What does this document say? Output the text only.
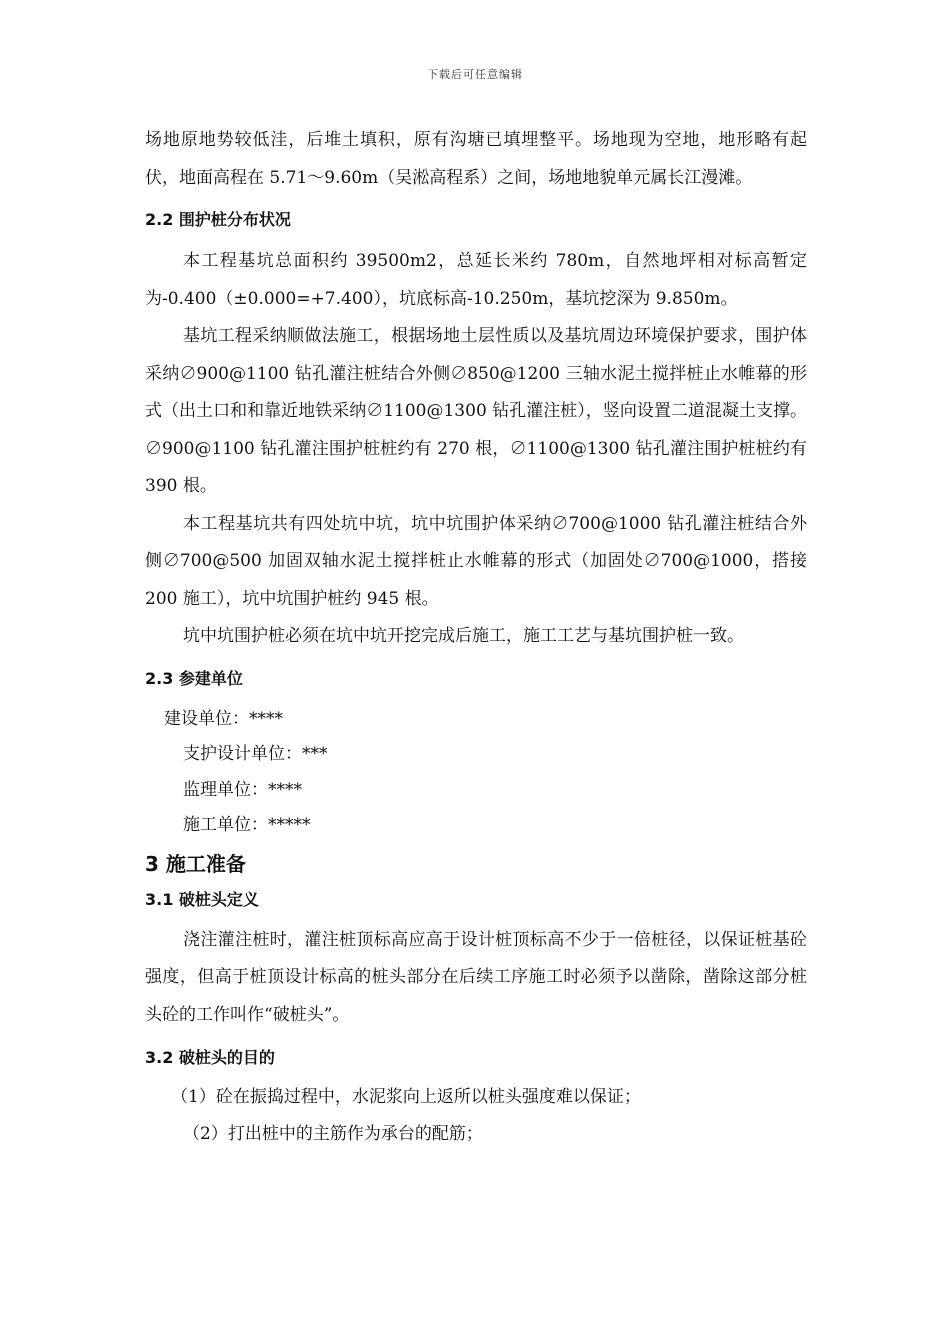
下载后可任意编辑

场地原地势较低洼，后堆土填积，原有沟塘已填埋整平。场地现为空地，地形略有起伏，地面高程在 5.71～9.60m（吴淞高程系）之间，场地地貌单元属长江漫滩。

2.2 围护桩分布状况

本工程基坑总面积约 39500m2，总延长米约 780m，自然地坪相对标高暂定为-0.400（±0.000=+7.400），坑底标高-10.250m，基坑挖深为 9.850m。

基坑工程采纳顺做法施工，根据场地土层性质以及基坑周边环境保护要求，围护体采纳∅900@1100 钻孔灌注桩结合外侧∅850@1200 三轴水泥土搅拌桩止水帷幕的形式（出土口和和靠近地铁采纳∅1100@1300 钻孔灌注桩），竖向设置二道混凝土支撑。∅900@1100 钻孔灌注围护桩桩约有 270 根，∅1100@1300 钻孔灌注围护桩桩约有 390 根。

本工程基坑共有四处坑中坑，坑中坑围护体采纳∅700@1000 钻孔灌注桩结合外侧∅700@500 加固双轴水泥土搅拌桩止水帷幕的形式（加固处∅700@1000，搭接 200 施工），坑中坑围护桩约 945 根。

坑中坑围护桩必须在坑中坑开挖完成后施工，施工工艺与基坑围护桩一致。

2.3 参建单位

建设单位：****

支护设计单位：***

监理单位：****

施工单位：*****

3 施工准备
3.1 破桩头定义

浇注灌注桩时，灌注桩顶标高应高于设计桩顶标高不少于一倍桩径，以保证桩基砼强度，但高于桩顶设计标高的桩头部分在后续工序施工时必须予以凿除，凿除这部分桩头砼的工作叫作“破桩头”。

3.2 破桩头的目的

（1）砼在振捣过程中，水泥浆向上返所以桩头强度难以保证；

（2）打出桩中的主筋作为承台的配筋；
